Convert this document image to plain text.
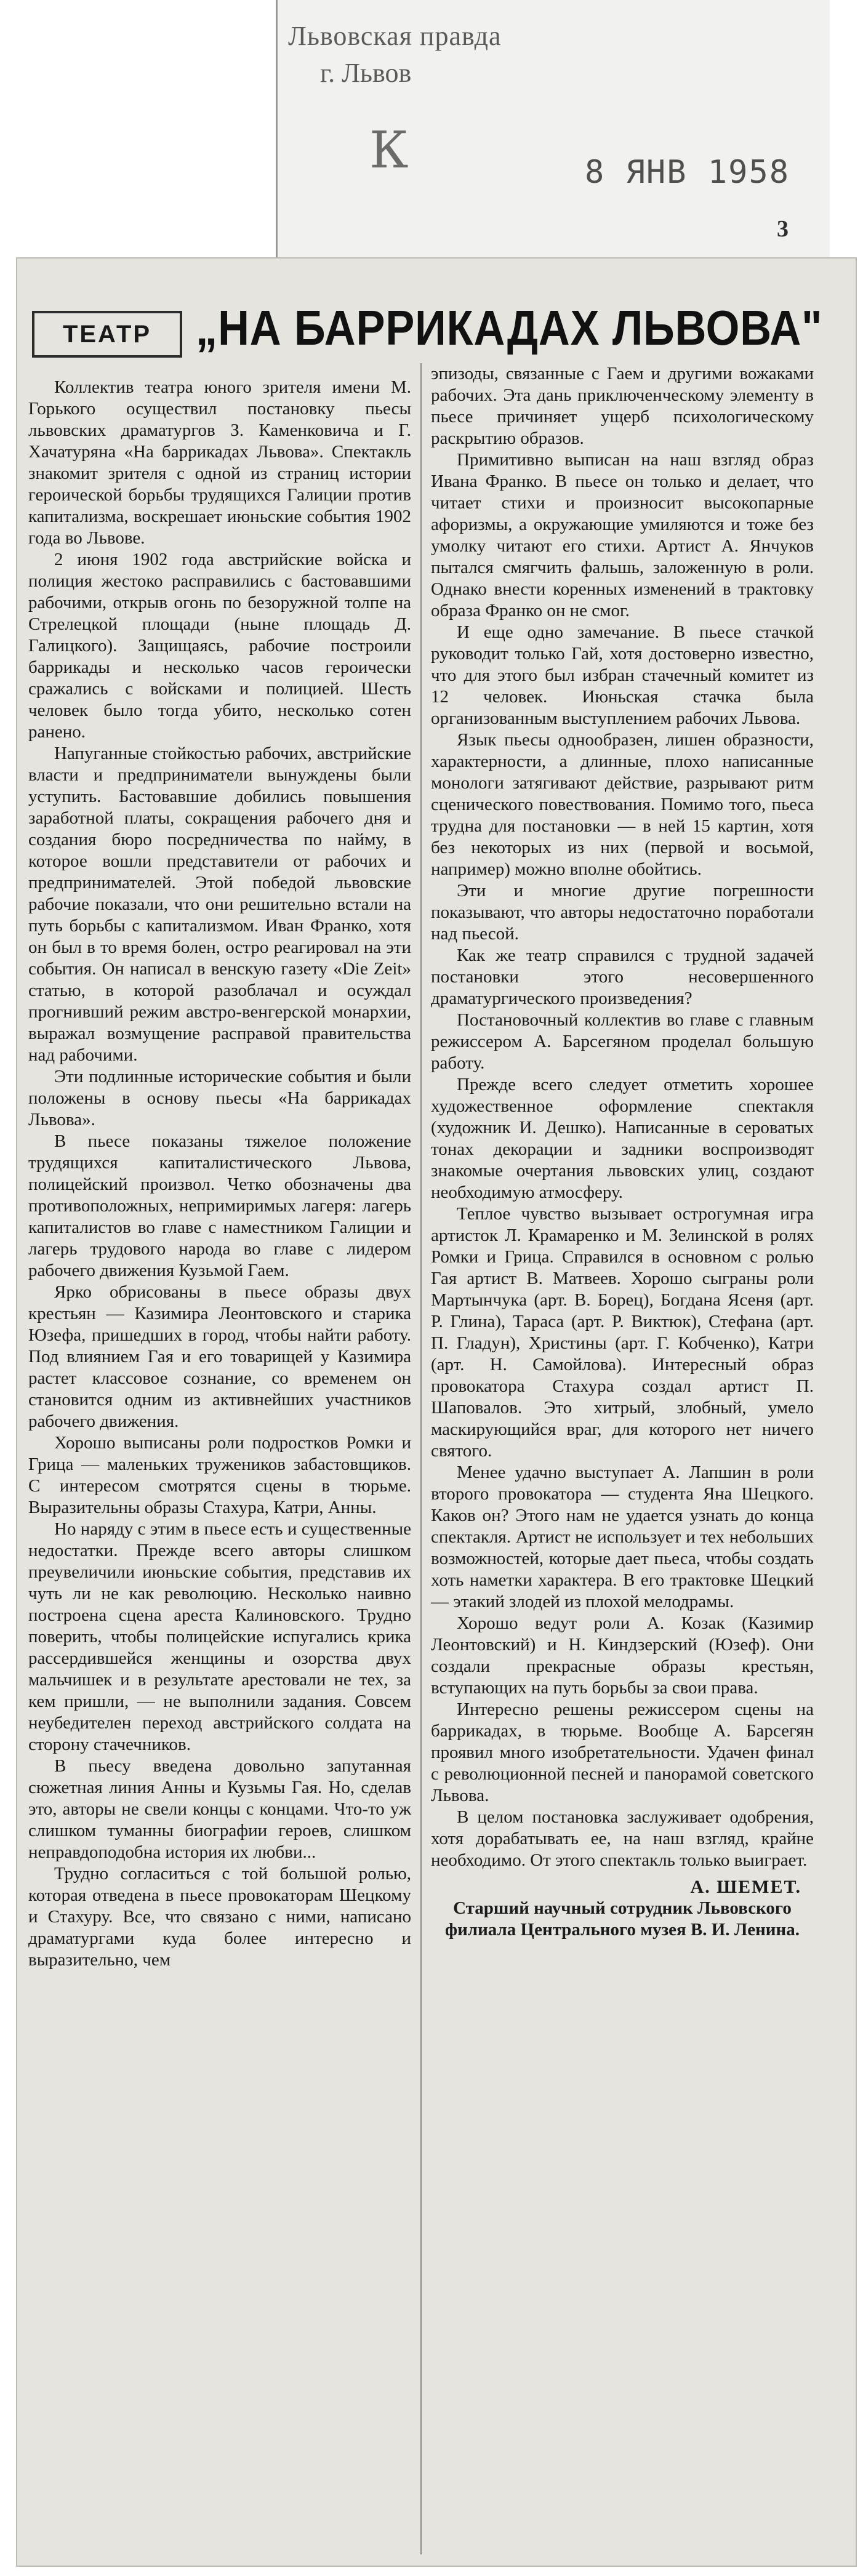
Львовская правда
г. Львов
К	8 ЯНВ 1958
3
ТЕАТР „НА БАРРИКАДАХ ЛЬВОВА"

Коллектив театра юного зрителя имени М. Горького осуществил постановку пьесы львовских драматургов З. Каменковича и Г. Хачатуряна «На баррикадах Львова». Спектакль знакомит зрителя с одной из страниц истории героической борьбы трудящихся Галиции против капитализма, воскрешает июньские события 1902 года во Львове.

2 июня 1902 года австрийские войска и полиция жестоко расправились с бастовавшими рабочими, открыв огонь по безоружной толпе на Стрелецкой площади (ныне площадь Д. Галицкого). Защищаясь, рабочие построили баррикады и несколько часов героически сражались с войсками и полицией. Шесть человек было тогда убито, несколько сотен ранено.

Напуганные стойкостью рабочих, австрийские власти и предприниматели вынуждены были уступить. Бастовавшие добились повышения заработной платы, сокращения рабочего дня и создания бюро посредничества по найму, в которое вошли представители от рабочих и предпринимателей. Этой победой львовские рабочие показали, что они решительно встали на путь борьбы с капитализмом. Иван Франко, хотя он был в то время болен, остро реагировал на эти события. Он написал в венскую газету «Die Zeit» статью, в которой разоблачал и осуждал прогнивший режим австро-венгерской монархии, выражал возмущение расправой правительства над рабочими.

Эти подлинные исторические события и были положены в основу пьесы «На баррикадах Львова».

В пьесе показаны тяжелое положение трудящихся капиталистического Львова, полицейский произвол. Четко обозначены два противоположных, непримиримых лагеря: лагерь капиталистов во главе с наместником Галиции и лагерь трудового народа во главе с лидером рабочего движения Кузьмой Гаем.

Ярко обрисованы в пьесе образы двух крестьян — Казимира Леонтовского и старика Юзефа, пришедших в город, чтобы найти работу. Под влиянием Гая и его товарищей у Казимира растет классовое сознание, со временем он становится одним из активнейших участников рабочего движения.

Хорошо выписаны роли подростков Ромки и Грица — маленьких тружеников забастовщиков. С интересом смотрятся сцены в тюрьме. Выразительны образы Стахура, Катри, Анны.

Но наряду с этим в пьесе есть и существенные недостатки. Прежде всего авторы слишком преувеличили июньские события, представив их чуть ли не как революцию. Несколько наивно построена сцена ареста Калиновского. Трудно поверить, чтобы полицейские испугались крика рассердившейся женщины и озорства двух мальчишек и в результате арестовали не тех, за кем пришли, — не выполнили задания. Совсем неубедителен переход австрийского солдата на сторону стачечников.

В пьесу введена довольно запутанная сюжетная линия Анны и Кузьмы Гая. Но, сделав это, авторы не свели концы с концами. Что-то уж слишком туманны биографии героев, слишком неправдоподобна история их любви...

Трудно согласиться с той большой ролью, которая отведена в пьесе провокаторам Шецкому и Стахуру. Все, что связано с ними, написано драматургами куда более интересно и выразительно, чем

эпизоды, связанные с Гаем и другими вожаками рабочих. Эта дань приключенческому элементу в пьесе причиняет ущерб психологическому раскрытию образов.

Примитивно выписан на наш взгляд образ Ивана Франко. В пьесе он только и делает, что читает стихи и произносит высокопарные афоризмы, а окружающие умиляются и тоже без умолку читают его стихи. Артист А. Янчуков пытался смягчить фальшь, заложенную в роли. Однако внести коренных изменений в трактовку образа Франко он не смог.

И еще одно замечание. В пьесе стачкой руководит только Гай, хотя достоверно известно, что для этого был избран стачечный комитет из 12 человек. Июньская стачка была организованным выступлением рабочих Львова.

Язык пьесы однообразен, лишен образности, характерности, а длинные, плохо написанные монологи затягивают действие, разрывают ритм сценического повествования. Помимо того, пьеса трудна для постановки — в ней 15 картин, хотя без некоторых из них (первой и восьмой, например) можно вполне обойтись.

Эти и многие другие погрешности показывают, что авторы недостаточно поработали над пьесой.

Как же театр справился с трудной задачей постановки этого несовершенного драматургического произведения?

Постановочный коллектив во главе с главным режиссером А. Барсегяном проделал большую работу.

Прежде всего следует отметить хорошее художественное оформление спектакля (художник И. Дешко). Написанные в сероватых тонах декорации и задники воспроизводят знакомые очертания львовских улиц, создают необходимую атмосферу.

Теплое чувство вызывает острогумная игра артисток Л. Крамаренко и М. Зелинской в ролях Ромки и Грица. Справился в основном с ролью Гая артист В. Матвеев. Хорошо сыграны роли Мартынчука (арт. В. Борец), Богдана Ясеня (арт. Р. Глина), Тараса (арт. Р. Виктюк), Стефана (арт. П. Гладун), Христины (арт. Г. Кобченко), Катри (арт. Н. Самойлова). Интересный образ провокатора Стахура создал артист П. Шаповалов. Это хитрый, злобный, умело маскирующийся враг, для которого нет ничего святого.

Менее удачно выступает А. Лапшин в роли второго провокатора — студента Яна Шецкого. Каков он? Этого нам не удается узнать до конца спектакля. Артист не использует и тех небольших возможностей, которые дает пьеса, чтобы создать хоть наметки характера. В его трактовке Шецкий — этакий злодей из плохой мелодрамы.

Хорошо ведут роли А. Козак (Казимир Леонтовский) и Н. Киндзерский (Юзеф). Они создали прекрасные образы крестьян, вступающих на путь борьбы за свои права.

Интересно решены режиссером сцены на баррикадах, в тюрьме. Вообще А. Барсегян проявил много изобретательности. Удачен финал с революционной песней и панорамой советского Львова.

В целом постановка заслуживает одобрения, хотя дорабатывать ее, на наш взгляд, крайне необходимо. От этого спектакль только выиграет.

А. ШЕМЕТ.

Старший научный сотрудник Львовского филиала Центрального музея В. И. Ленина.
